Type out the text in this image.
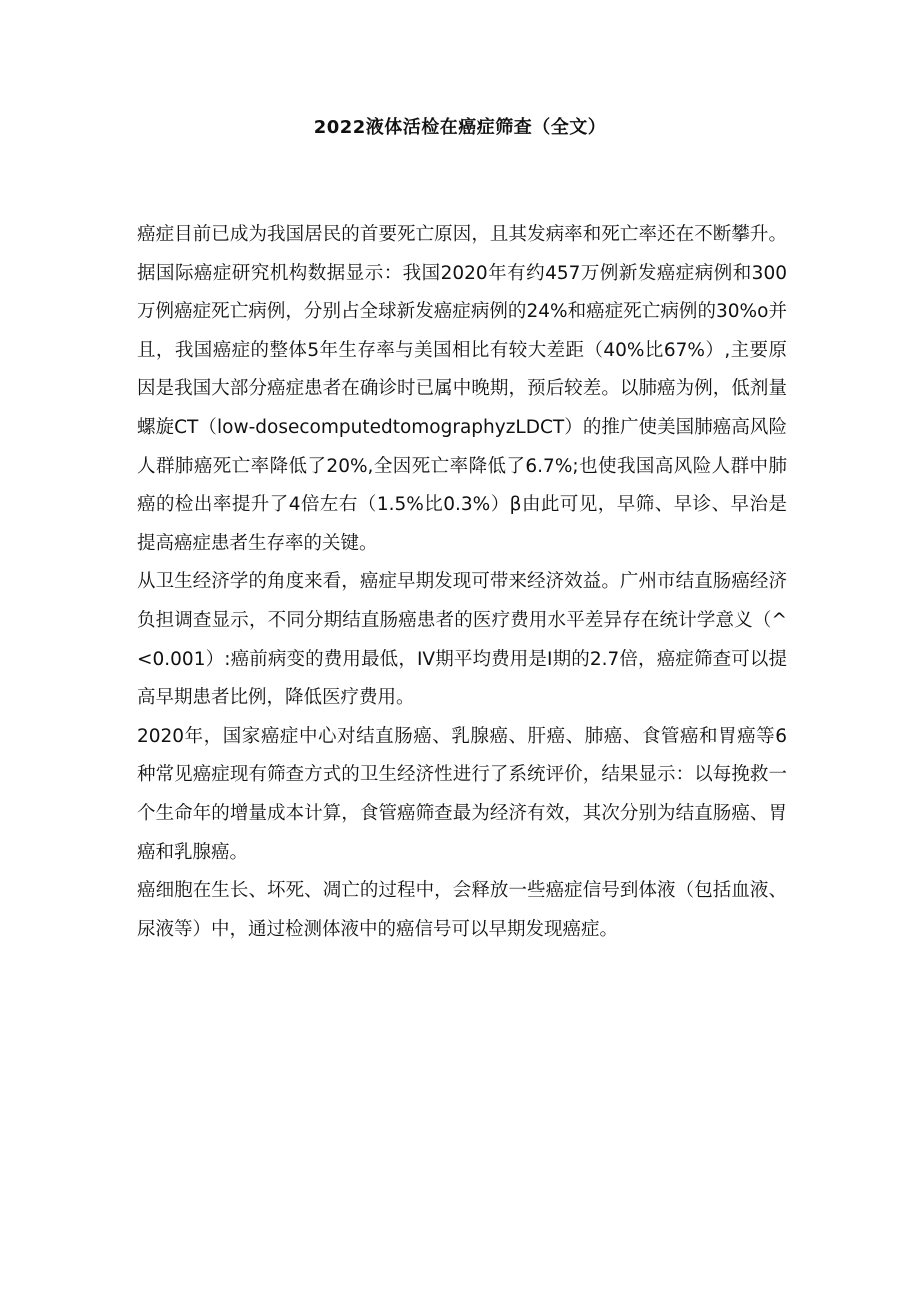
2022液体活检在癌症筛查（全文）

癌症目前已成为我国居民的首要死亡原因，且其发病率和死亡率还在不断攀升。据国际癌症研究机构数据显示：我国2020年有约457万例新发癌症病例和300万例癌症死亡病例，分别占全球新发癌症病例的24%和癌症死亡病例的30%o并且，我国癌症的整体5年生存率与美国相比有较大差距（40%比67%）,主要原因是我国大部分癌症患者在确诊时已属中晚期，预后较差。以肺癌为例，低剂量螺旋CT（low-dosecomputedtomographyzLDCT）的推广使美国肺癌高风险人群肺癌死亡率降低了20%,全因死亡率降低了6.7%;也使我国高风险人群中肺癌的检出率提升了4倍左右（1.5%比0.3%）β由此可见，早筛、早诊、早治是提高癌症患者生存率的关键。

从卫生经济学的角度来看，癌症早期发现可带来经济效益。广州市结直肠癌经济负担调查显示，不同分期结直肠癌患者的医疗费用水平差异存在统计学意义（^<0.001）:癌前病变的费用最低，IV期平均费用是I期的2.7倍，癌症筛查可以提高早期患者比例，降低医疗费用。

2020年，国家癌症中心对结直肠癌、乳腺癌、肝癌、肺癌、食管癌和胃癌等6种常见癌症现有筛查方式的卫生经济性进行了系统评价，结果显示：以每挽救一个生命年的增量成本计算，食管癌筛查最为经济有效，其次分别为结直肠癌、胃癌和乳腺癌。

癌细胞在生长、坏死、凋亡的过程中，会释放一些癌症信号到体液（包括血液、尿液等）中，通过检测体液中的癌信号可以早期发现癌症。
